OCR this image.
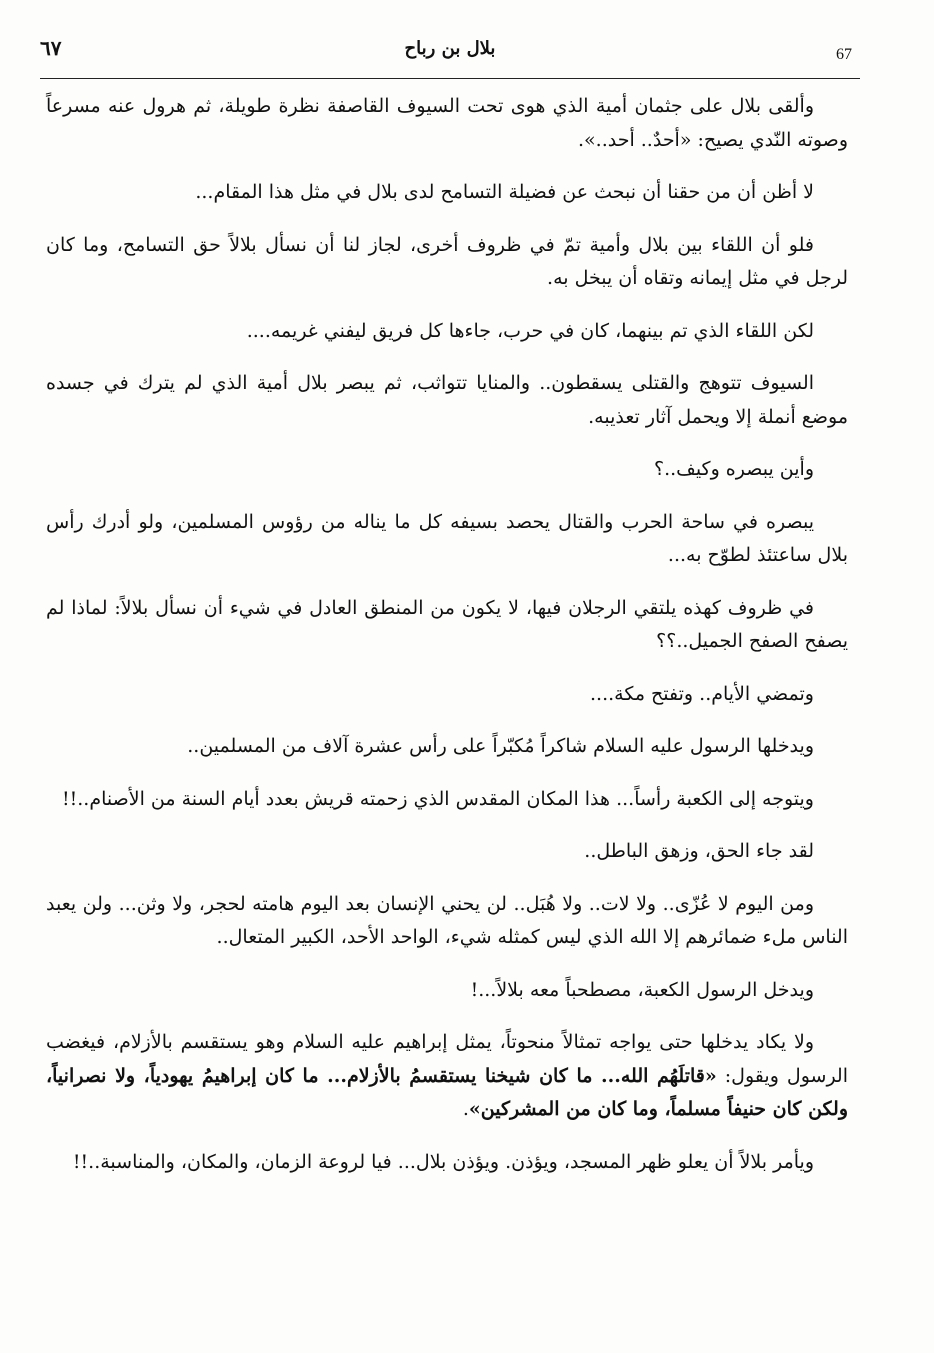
٦٧	بلال بن رباح	67

وألقى بلال على جثمان أمية الذي هوى تحت السيوف القاصفة نظرة طويلة، ثم هرول عنه مسرعاً وصوته النّدي يصيح: «أحدٌ.. أحد..».

لا أظن أن من حقنا أن نبحث عن فضيلة التسامح لدى بلال في مثل هذا المقام...

فلو أن اللقاء بين بلال وأمية تمّ في ظروف أخرى، لجاز لنا أن نسأل بلالاً حق التسامح، وما كان لرجل في مثل إيمانه وتقاه أن يبخل به.

لكن اللقاء الذي تم بينهما، كان في حرب، جاءها كل فريق ليفني غريمه....

السيوف تتوهج والقتلى يسقطون.. والمنايا تتواثب، ثم يبصر بلال أمية الذي لم يترك في جسده موضع أنملة إلا ويحمل آثار تعذيبه.

وأين يبصره وكيف..؟

يبصره في ساحة الحرب والقتال يحصد بسيفه كل ما يناله من رؤوس المسلمين، ولو أدرك رأس بلال ساعتئذ لطوّح به...

في ظروف كهذه يلتقي الرجلان فيها، لا يكون من المنطق العادل في شيء أن نسأل بلالاً: لماذا لم يصفح الصفح الجميل..؟؟

وتمضي الأيام.. وتفتح مكة....

ويدخلها الرسول عليه السلام شاكراً مُكبّراً على رأس عشرة آلاف من المسلمين..

ويتوجه إلى الكعبة رأساً... هذا المكان المقدس الذي زحمته قريش بعدد أيام السنة من الأصنام..!!

لقد جاء الحق، وزهق الباطل..

ومن اليوم لا عُزّى.. ولا لات.. ولا هُبَل.. لن يحني الإنسان بعد اليوم هامته لحجر، ولا وثن... ولن يعبد الناس ملء ضمائرهم إلا الله الذي ليس كمثله شيء، الواحد الأحد، الكبير المتعال..

ويدخل الرسول الكعبة، مصطحباً معه بلالاً...!

ولا يكاد يدخلها حتى يواجه تمثالاً منحوتاً، يمثل إبراهيم عليه السلام وهو يستقسم بالأزلام، فيغضب الرسول ويقول: «قاتلَهُم الله... ما كان شيخنا يستقسمُ بالأزلام... ما كان إبراهيمُ يهودياً، ولا نصرانياً، ولكن كان حنيفاً مسلماً، وما كان من المشركين».

ويأمر بلالاً أن يعلو ظهر المسجد، ويؤذن. ويؤذن بلال... فيا لروعة الزمان، والمكان، والمناسبة..!!
